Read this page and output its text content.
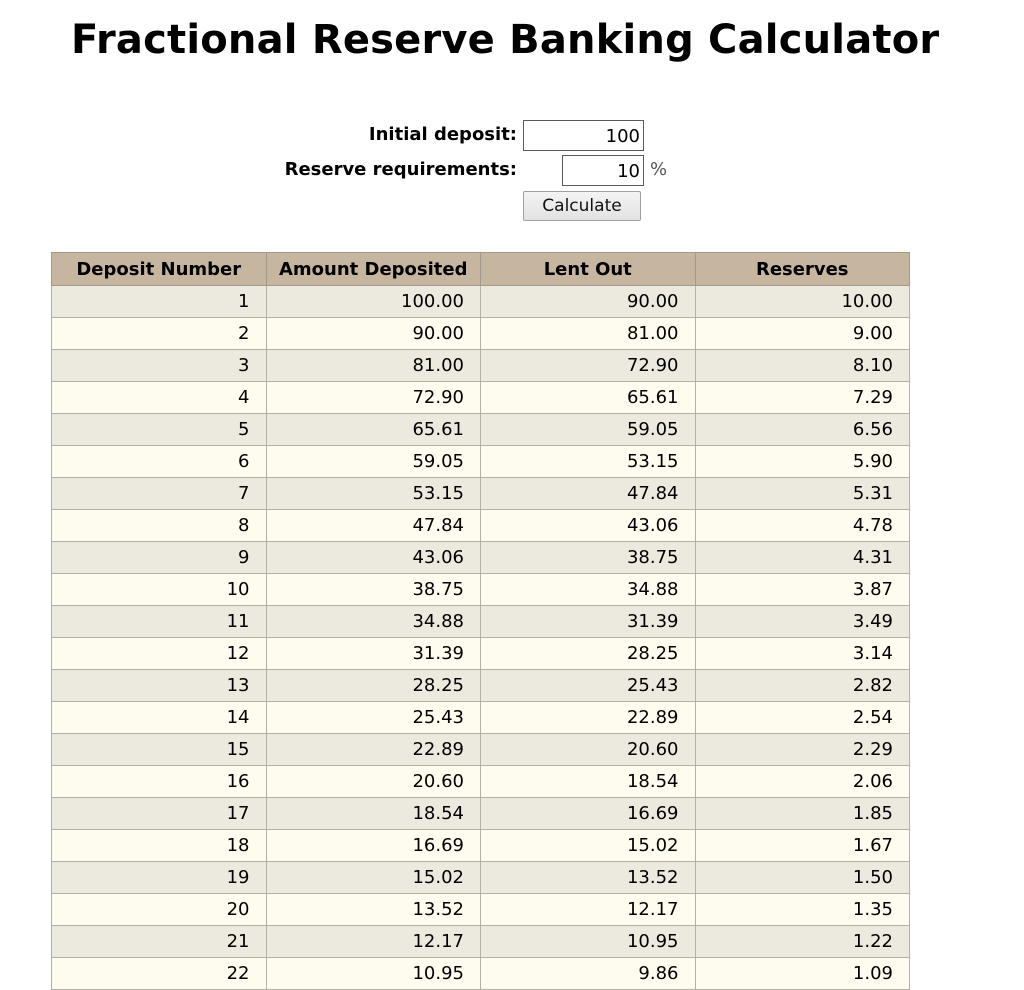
Fractional Reserve Banking Calculator
Initial deposit:
100
Reserve requirements:
10	%
Calculate
Deposit Number	Amount Deposited	Lent Out	Reserves
1	100.00	90.00	10.00
2	90.00	81.00	9.00
3	81.00	72.90	8.10
4	72.90	65.61	7.29
5	65.61	59.05	6.56
6	59.05	53.15	5.90
7	53.15	47.84	5.31
8	47.84	43.06	4.78
9	43.06	38.75	4.31
10	38.75	34.88	3.87
11	34.88	31.39	3.49
12	31.39	28.25	3.14
13	28.25	25.43	2.82
14	25.43	22.89	2.54
15	22.89	20.60	2.29
16	20.60	18.54	2.06
17	18.54	16.69	1.85
18	16.69	15.02	1.67
19	15.02	13.52	1.50
20	13.52	12.17	1.35
21	12.17	10.95	1.22
22	10.95	9.86	1.09
